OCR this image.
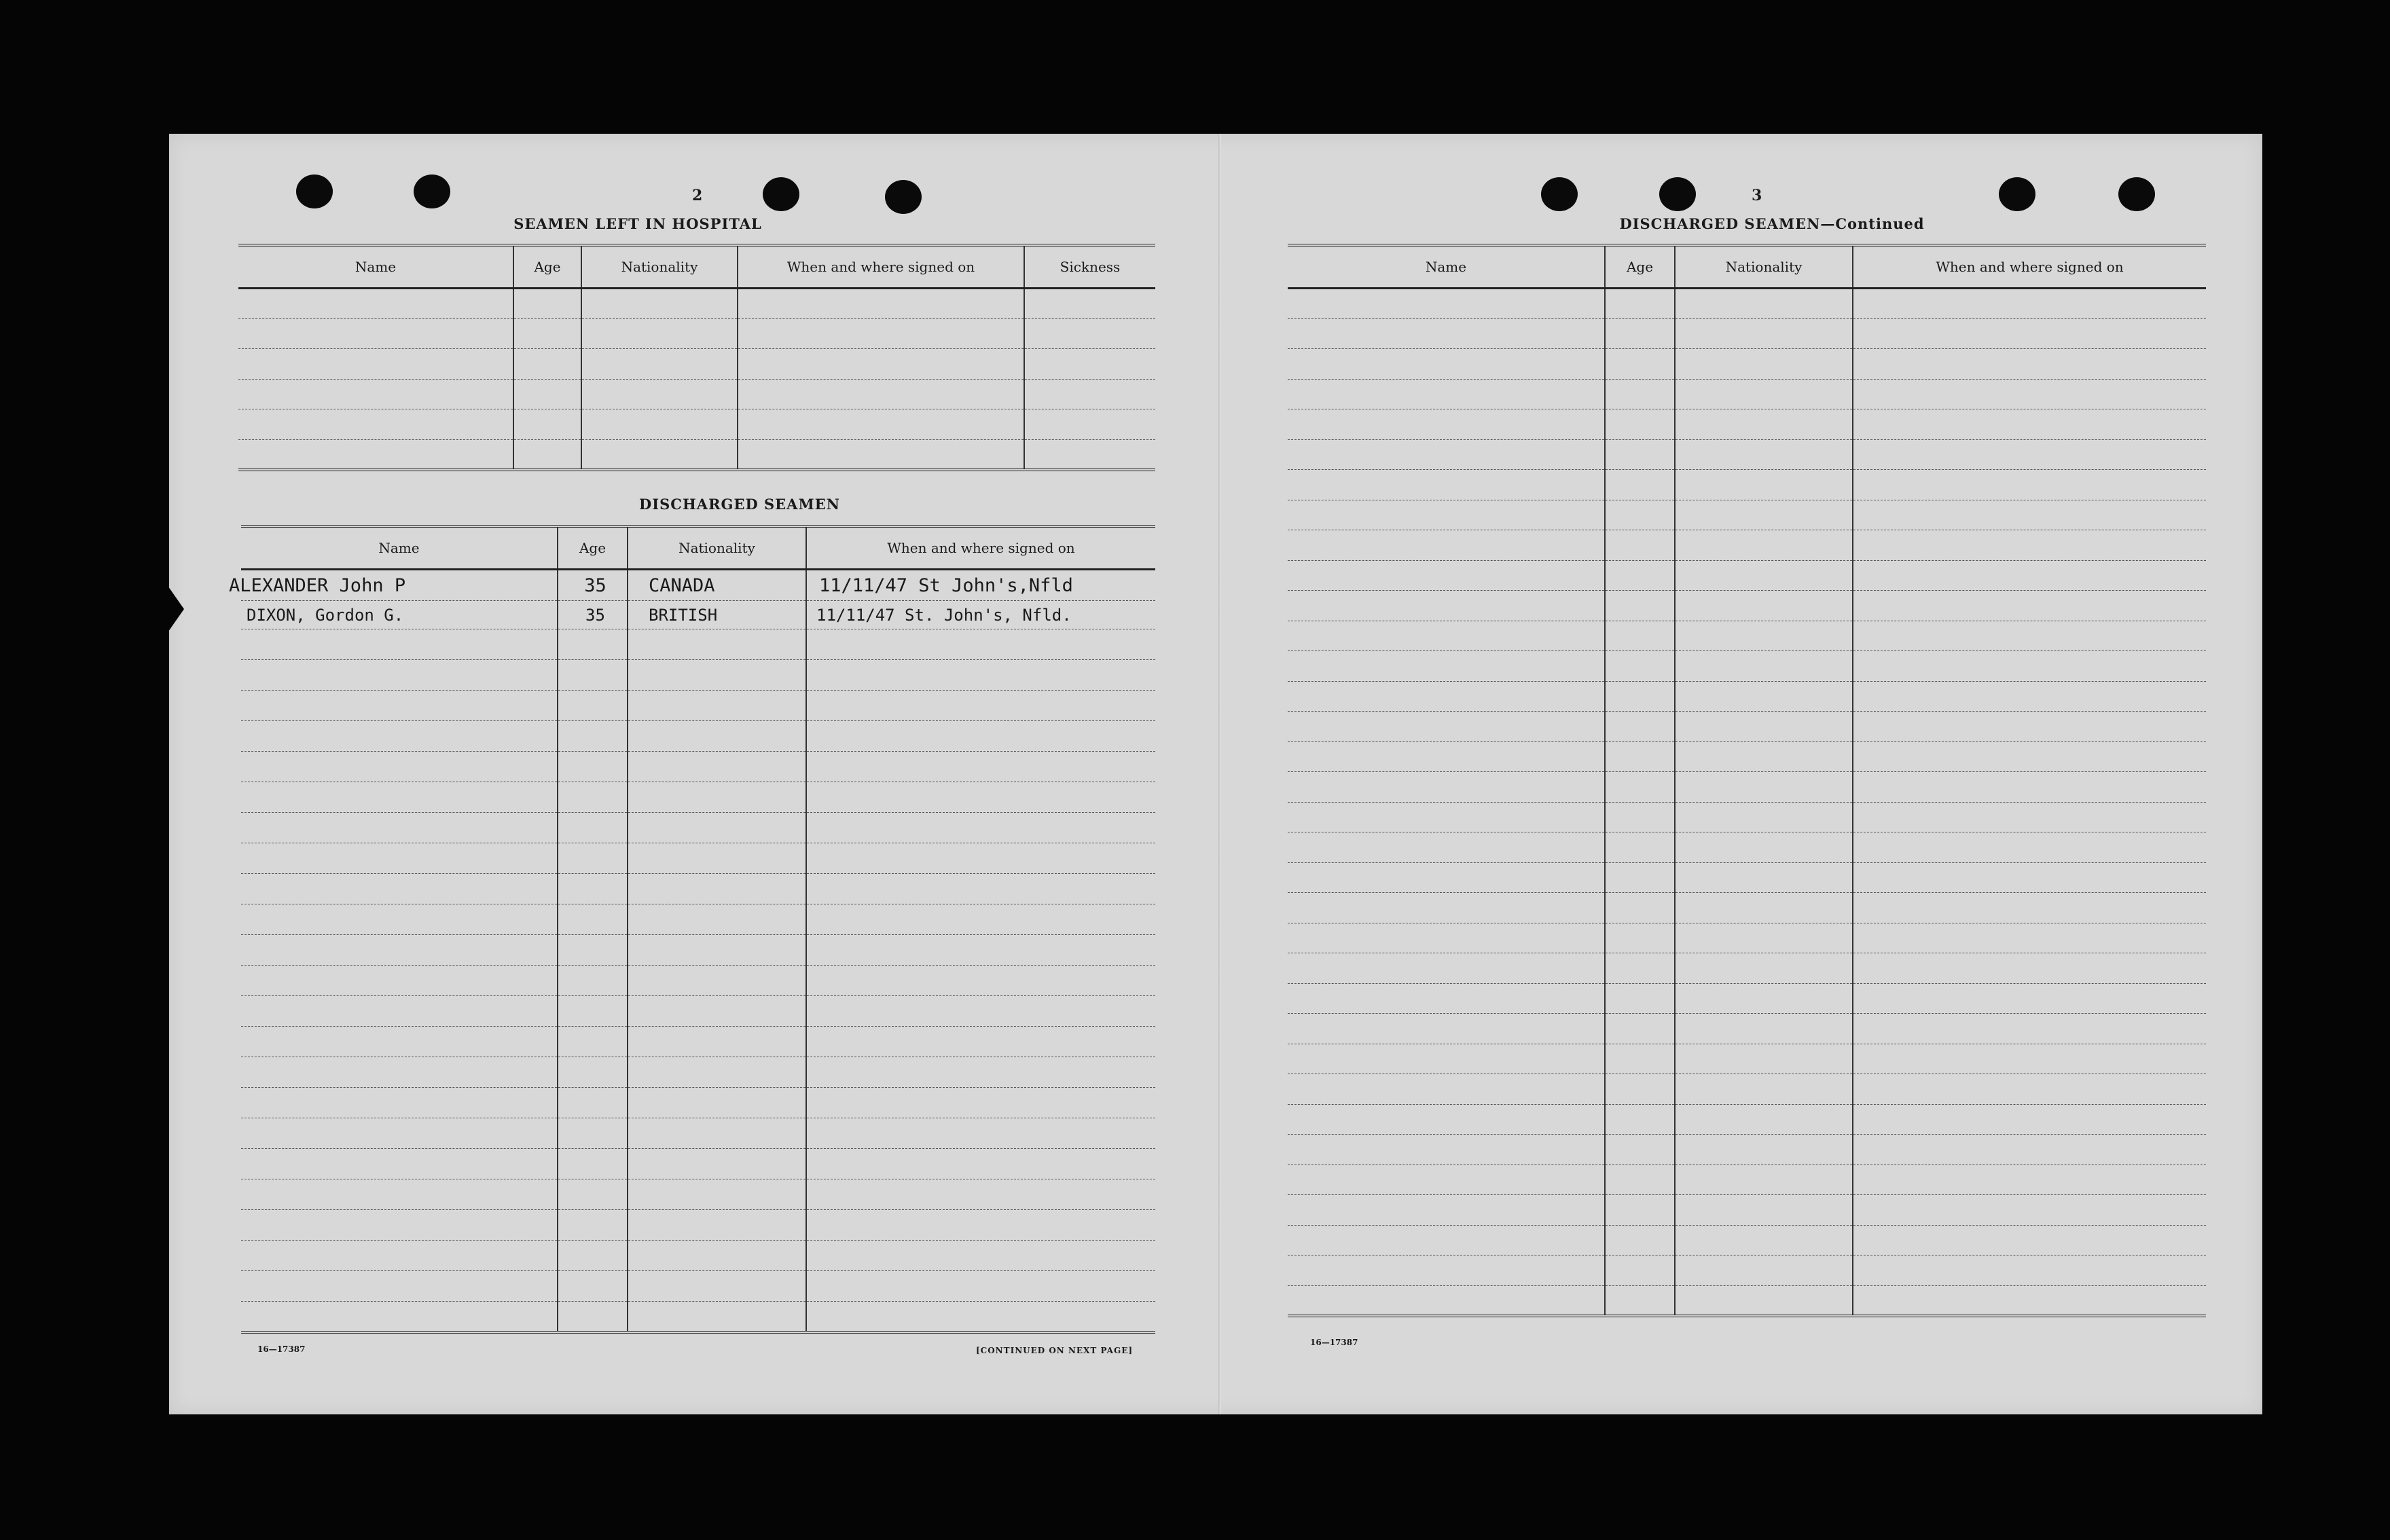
2
SEAMEN LEFT IN HOSPITAL
Name	Age	Nationality	When and where signed on	Sickness

DISCHARGED SEAMEN
Name	Age	Nationality	When and where signed on
ALEXANDER John P	35	CANADA	11/11/47 St John's,Nfld
DIXON, Gordon G.	35	BRITISH	11/11/47 St. John's, Nfld.

16—17387	[CONTINUED ON NEXT PAGE]
3
DISCHARGED SEAMEN—Continued
Name	Age	Nationality	When and where signed on

16—17387
